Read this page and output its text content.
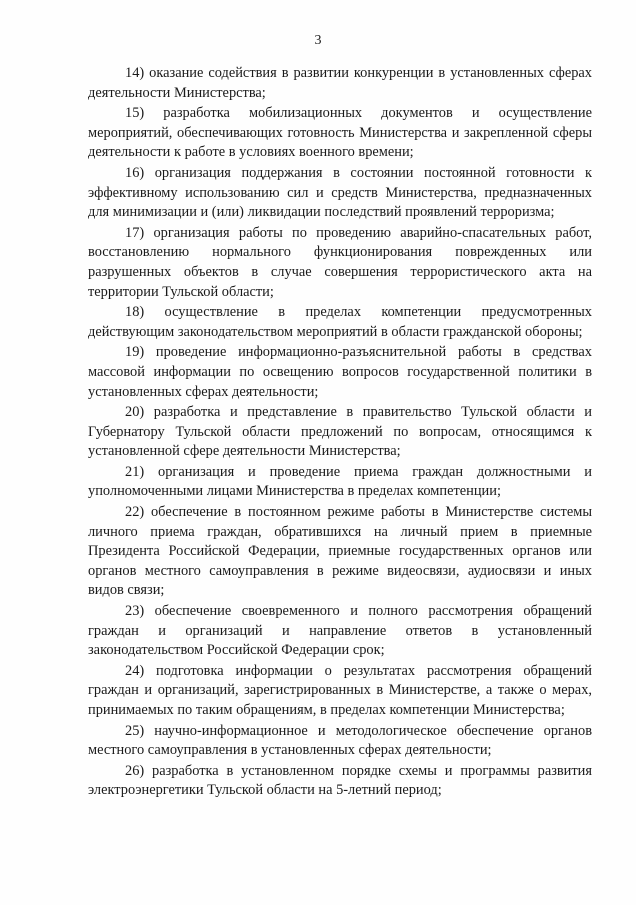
3

14) оказание содействия в развитии конкуренции в установленных сферах деятельности Министерства;

15) разработка мобилизационных документов и осуществление мероприятий, обеспечивающих готовность Министерства и закрепленной сферы деятельности к работе в условиях военного времени;

16) организация поддержания в состоянии постоянной готовности к эффективному использованию сил и средств Министерства, предназначенных для минимизации и (или) ликвидации последствий проявлений терроризма;

17) организация работы по проведению аварийно-спасательных работ, восстановлению нормального функционирования поврежденных или разрушенных объектов в случае совершения террористического акта на территории Тульской области;

18) осуществление в пределах компетенции предусмотренных действующим законодательством мероприятий в области гражданской обороны;

19) проведение информационно-разъяснительной работы в средствах массовой информации по освещению вопросов государственной политики в установленных сферах деятельности;

20) разработка и представление в правительство Тульской области и Губернатору Тульской области предложений по вопросам, относящимся к установленной сфере деятельности Министерства;

21) организация и проведение приема граждан должностными и уполномоченными лицами Министерства в пределах компетенции;

22) обеспечение в постоянном режиме работы в Министерстве системы личного приема граждан, обратившихся на личный прием в приемные Президента Российской Федерации, приемные государственных органов или органов местного самоуправления в режиме видеосвязи, аудиосвязи и иных видов связи;

23) обеспечение своевременного и полного рассмотрения обращений граждан и организаций и направление ответов в установленный законодательством Российской Федерации срок;

24) подготовка информации о результатах рассмотрения обращений граждан и организаций, зарегистрированных в Министерстве, а также о мерах, принимаемых по таким обращениям, в пределах компетенции Министерства;

25) научно-информационное и методологическое обеспечение органов местного самоуправления в установленных сферах деятельности;

26) разработка в установленном порядке схемы и программы развития электроэнергетики Тульской области на 5-летний период;
